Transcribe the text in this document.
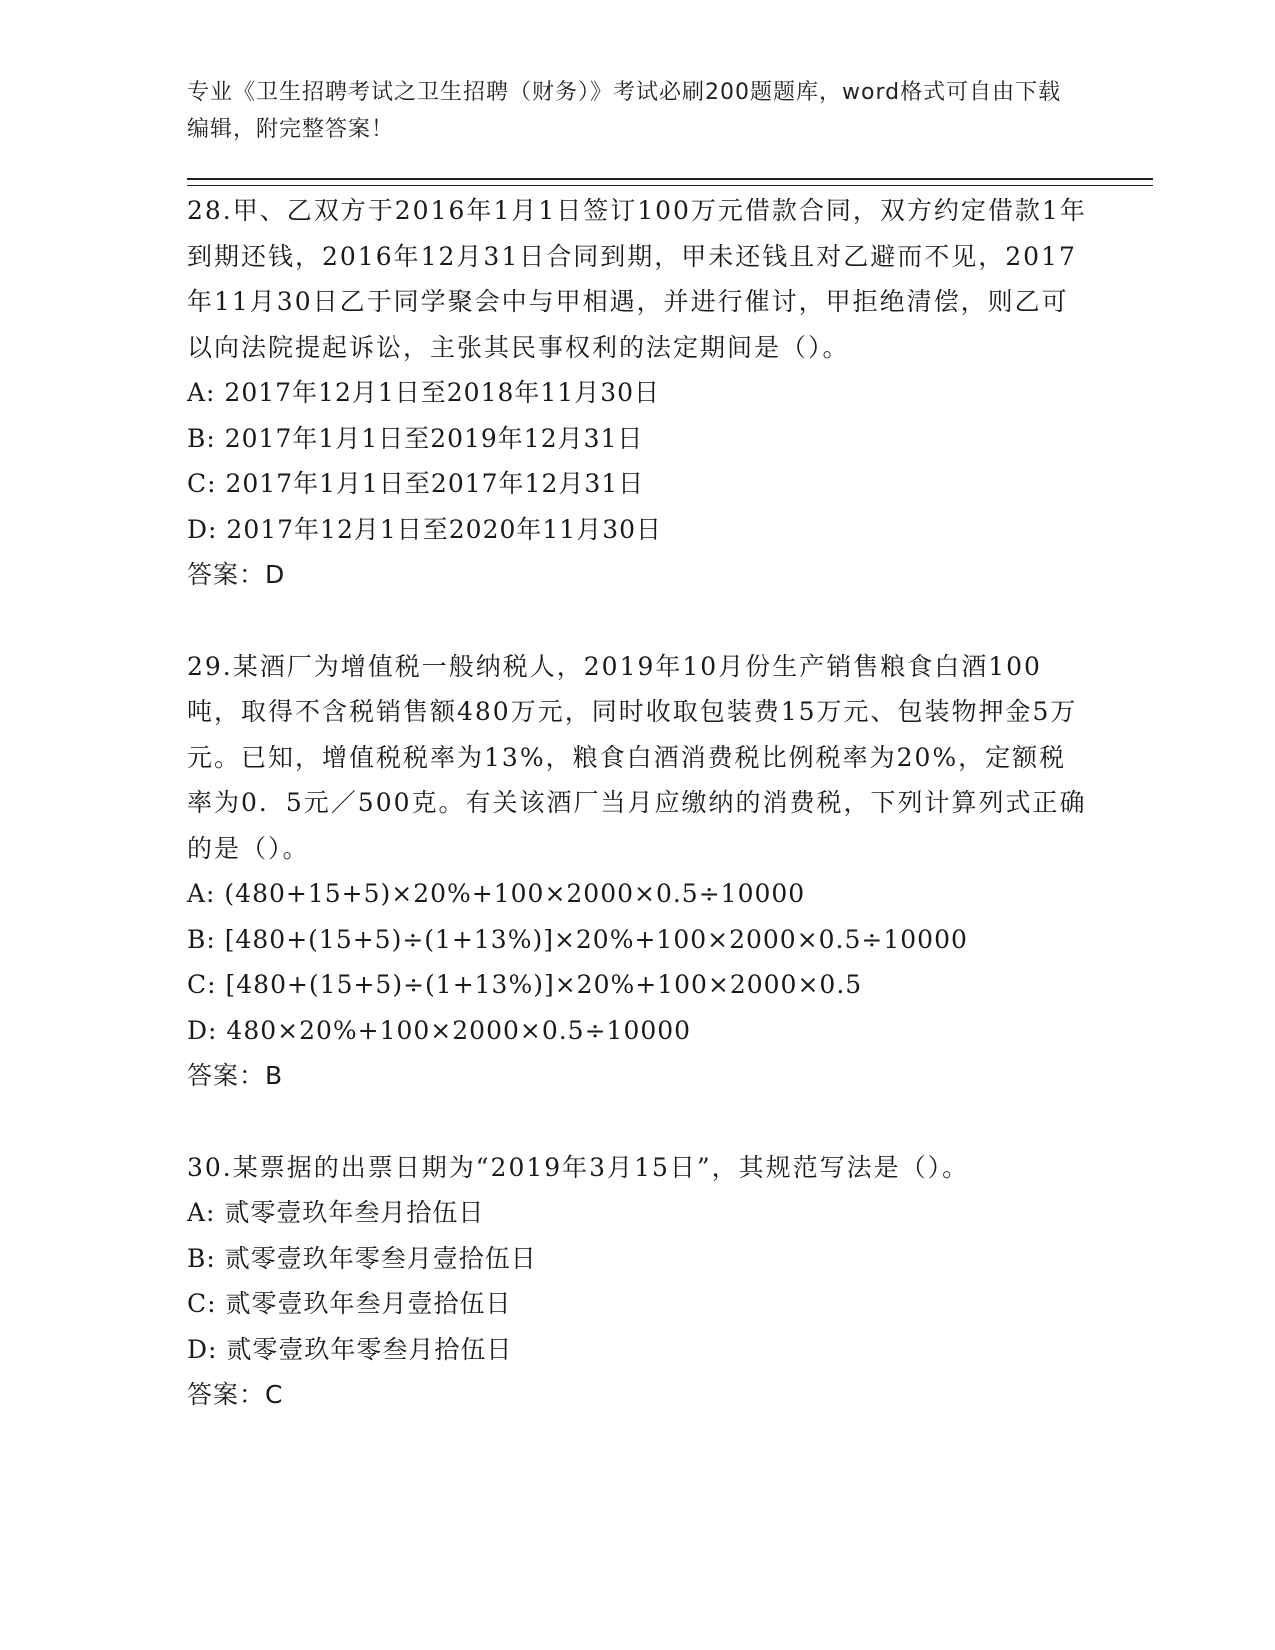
专业《卫生招聘考试之卫生招聘（财务）》考试必刷200题题库，word格式可自由下载编辑，附完整答案！
28.甲、乙双方于2016年1月1日签订100万元借款合同，双方约定借款1年到期还钱，2016年12月31日合同到期，甲未还钱且对乙避而不见，2017年11月30日乙于同学聚会中与甲相遇，并进行催讨，甲拒绝清偿，则乙可以向法院提起诉讼，主张其民事权利的法定期间是（）。
A: 2017年12月1日至2018年11月30日
B: 2017年1月1日至2019年12月31日
C: 2017年1月1日至2017年12月31日
D: 2017年12月1日至2020年11月30日
答案：D
29.某酒厂为增值税一般纳税人，2019年10月份生产销售粮食白酒100吨，取得不含税销售额480万元，同时收取包装费15万元、包装物押金5万元。已知，增值税税率为13%，粮食白酒消费税比例税率为20%，定额税率为0．5元／500克。有关该酒厂当月应缴纳的消费税，下列计算列式正确的是（）。
A: (480+15+5)×20%+100×2000×0.5÷10000
B: [480+(15+5)÷(1+13%)]×20%+100×2000×0.5÷10000
C: [480+(15+5)÷(1+13%)]×20%+100×2000×0.5
D: 480×20%+100×2000×0.5÷10000
答案：B
30.某票据的出票日期为“2019年3月15日”，其规范写法是（）。
A: 贰零壹玖年叁月拾伍日
B: 贰零壹玖年零叁月壹拾伍日
C: 贰零壹玖年叁月壹拾伍日
D: 贰零壹玖年零叁月拾伍日
答案：C
